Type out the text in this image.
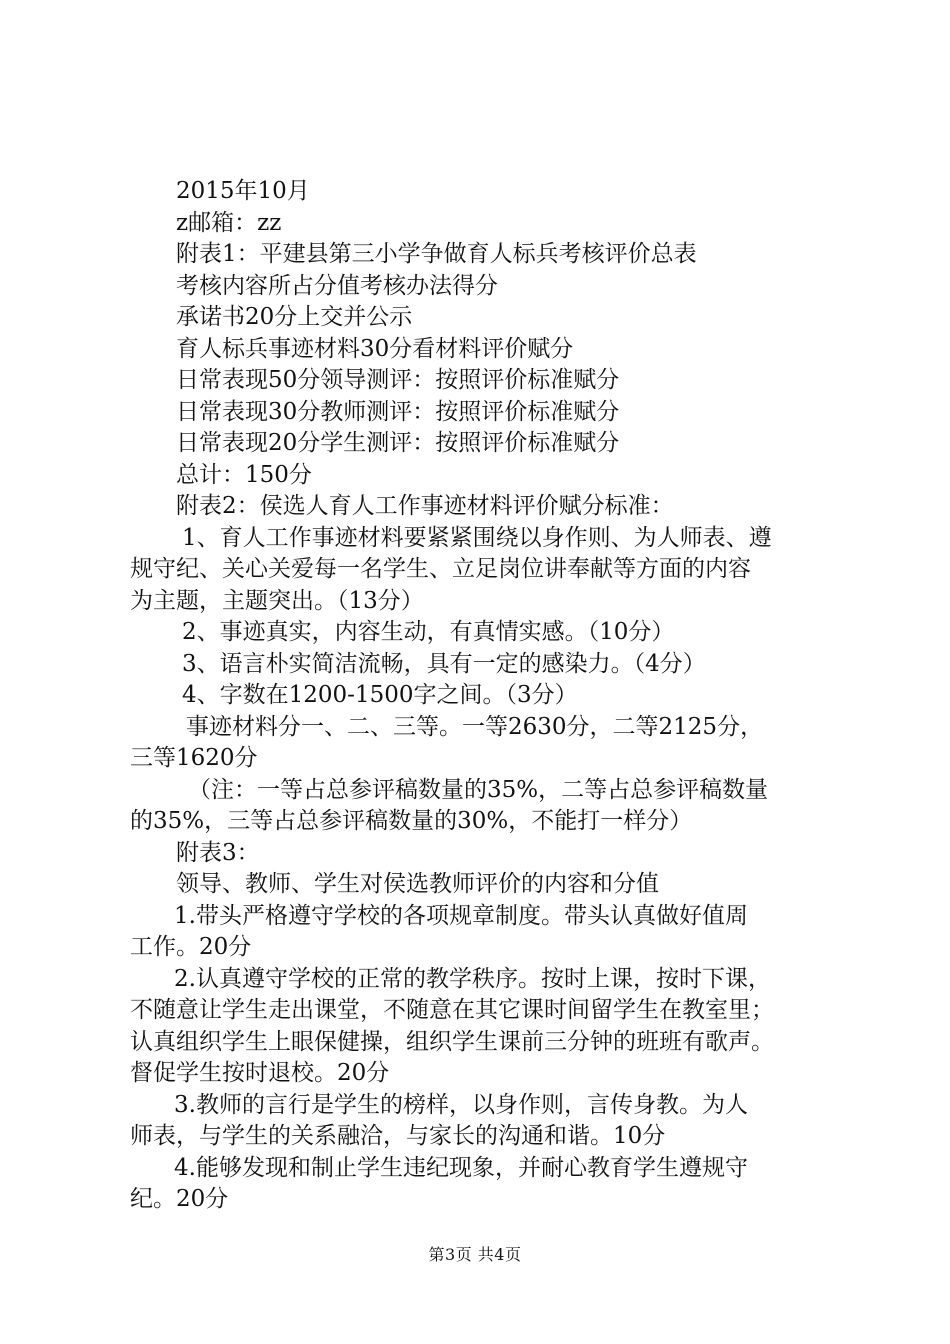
2015年10月

z邮箱：zz

附表1：平建县第三小学争做育人标兵考核评价总表

考核内容所占分值考核办法得分

承诺书20分上交并公示

育人标兵事迹材料30分看材料评价赋分

日常表现50分领导测评：按照评价标准赋分

日常表现30分教师测评：按照评价标准赋分

日常表现20分学生测评：按照评价标准赋分

总计：150分

附表2：侯选人育人工作事迹材料评价赋分标准：

1、育人工作事迹材料要紧紧围绕以身作则、为人师表、遵

规守纪、关心关爱每一名学生、立足岗位讲奉献等方面的内容

为主题，主题突出。（13分）

2、事迹真实，内容生动，有真情实感。（10分）

3、语言朴实简洁流畅，具有一定的感染力。（4分）

4、字数在1200-1500字之间。（3分）

事迹材料分一、二、三等。一等2630分，二等2125分，

三等1620分

（注：一等占总参评稿数量的35%，二等占总参评稿数量

的35%，三等占总参评稿数量的30%，不能打一样分）

附表3：

领导、教师、学生对侯选教师评价的内容和分值

1.带头严格遵守学校的各项规章制度。带头认真做好值周

工作。20分

2.认真遵守学校的正常的教学秩序。按时上课，按时下课，

不随意让学生走出课堂，不随意在其它课时间留学生在教室里；

认真组织学生上眼保健操，组织学生课前三分钟的班班有歌声。

督促学生按时退校。20分

3.教师的言行是学生的榜样，以身作则，言传身教。为人

师表，与学生的关系融洽，与家长的沟通和谐。10分

4.能够发现和制止学生违纪现象，并耐心教育学生遵规守

纪。20分

第3页 共4页
